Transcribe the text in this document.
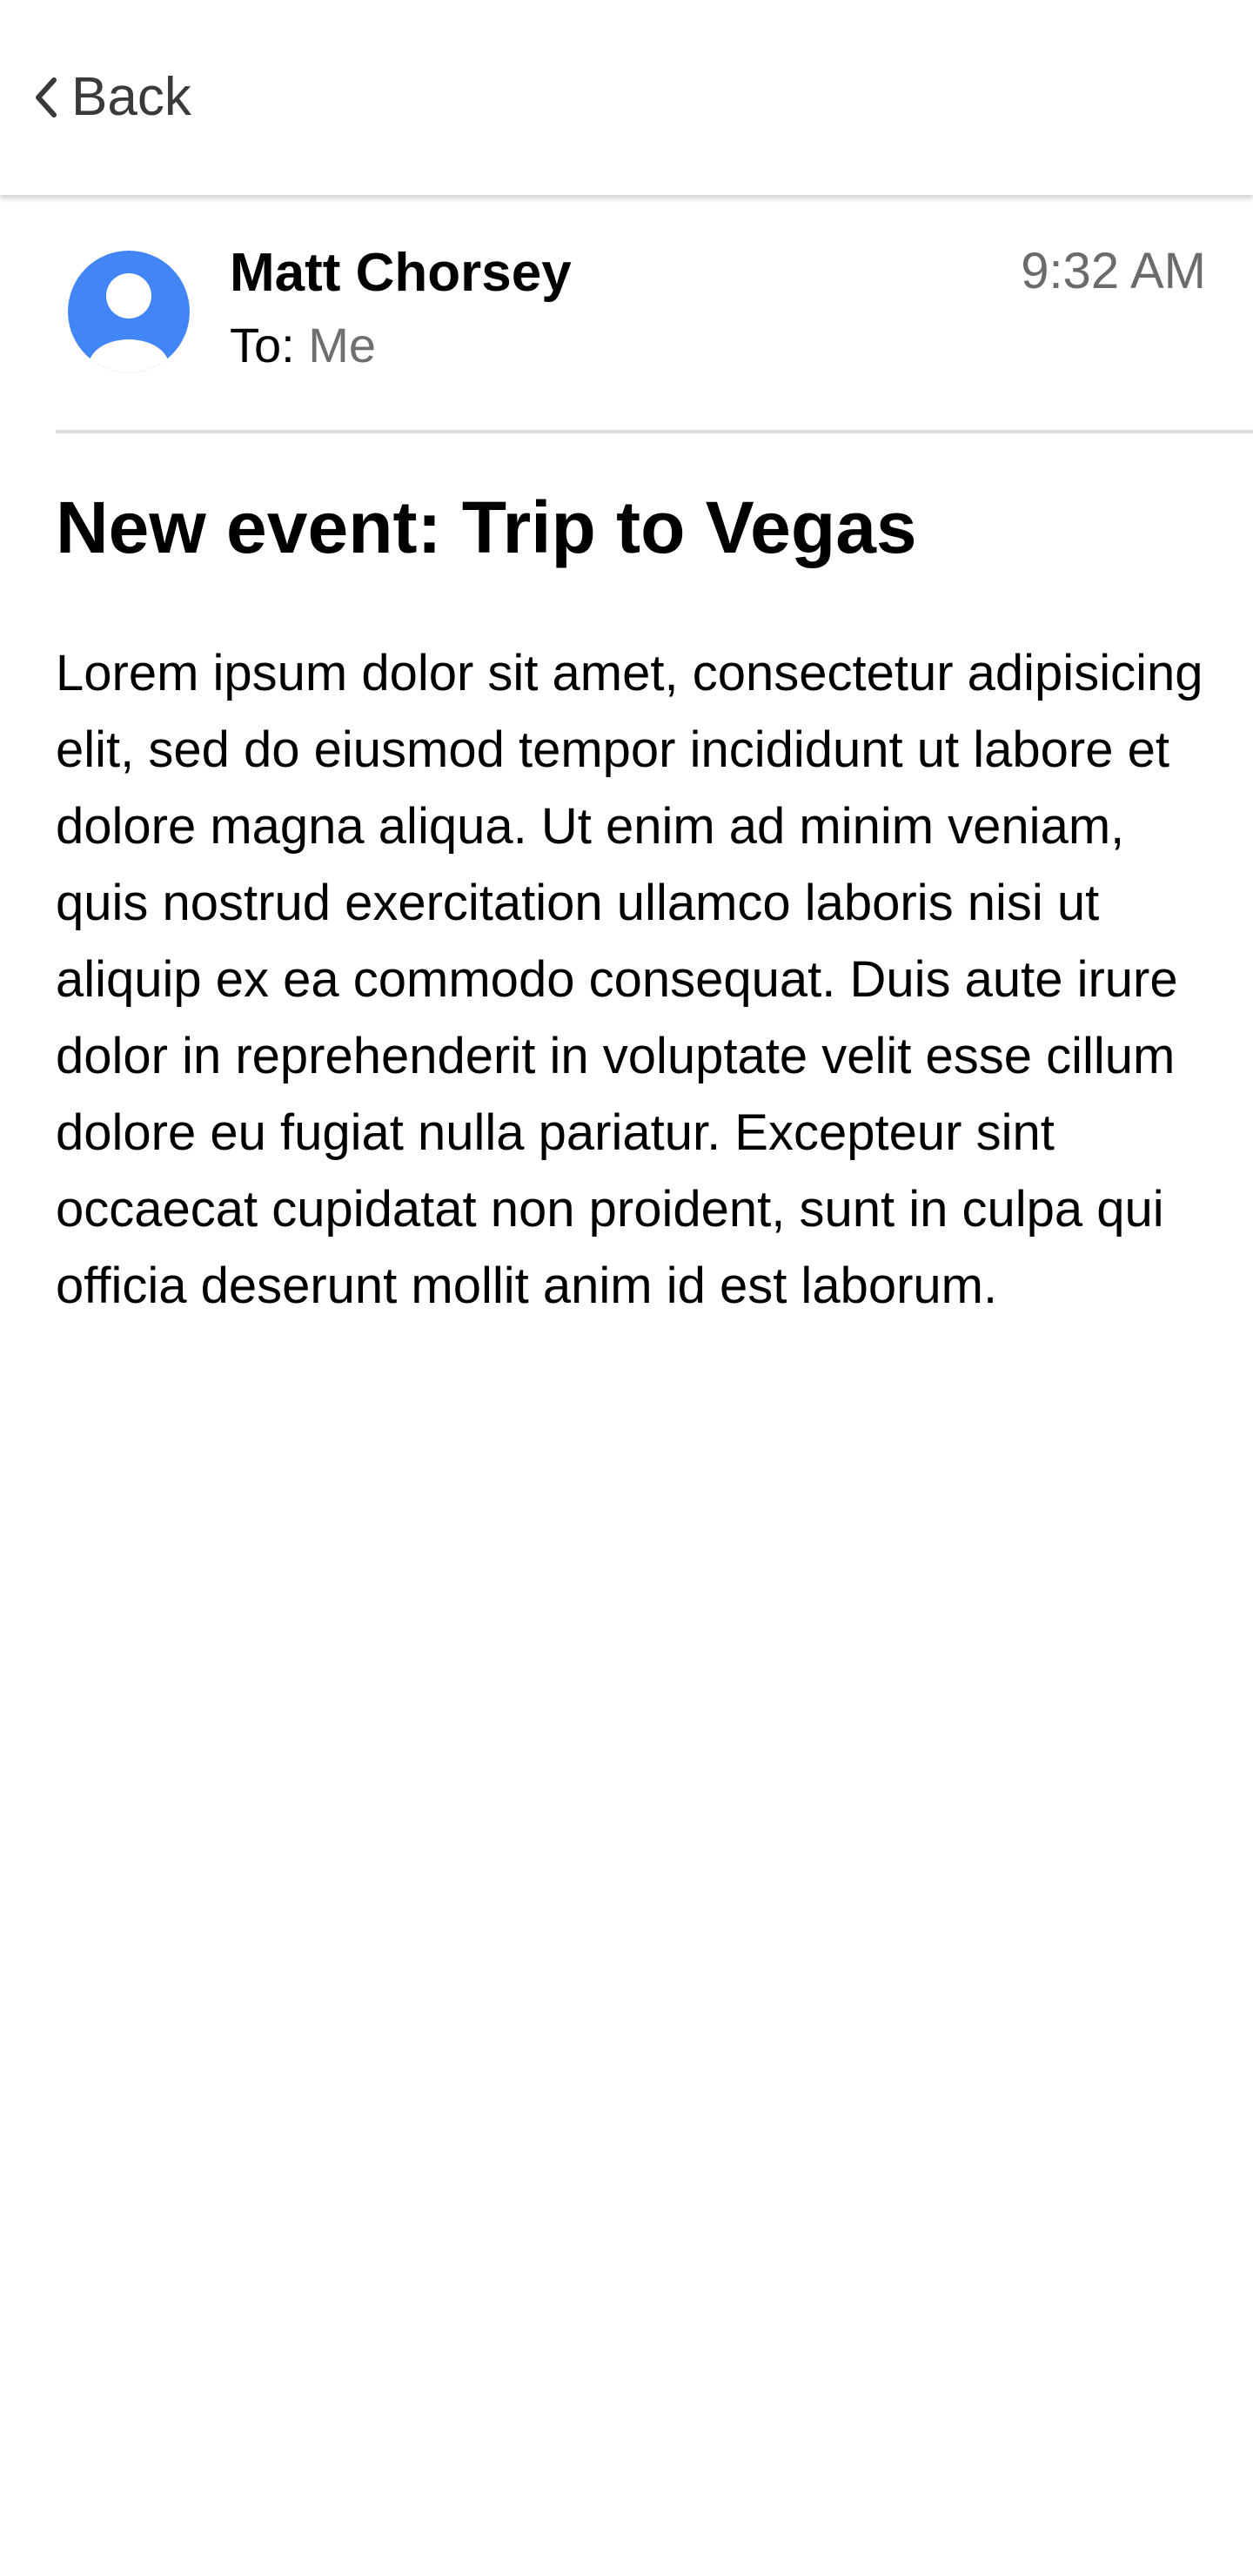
Back
Matt Chorsey
To: Me
9:32 AM
New event: Trip to Vegas

Lorem ipsum dolor sit amet, consectetur adipisicing elit, sed do eiusmod tempor incididunt ut labore et dolore magna aliqua. Ut enim ad minim veniam, quis nostrud exercitation ullamco laboris nisi ut aliquip ex ea commodo consequat. Duis aute irure dolor in reprehenderit in voluptate velit esse cillum dolore eu fugiat nulla pariatur. Excepteur sint occaecat cupidatat non proident, sunt in culpa qui officia deserunt mollit anim id est laborum.
